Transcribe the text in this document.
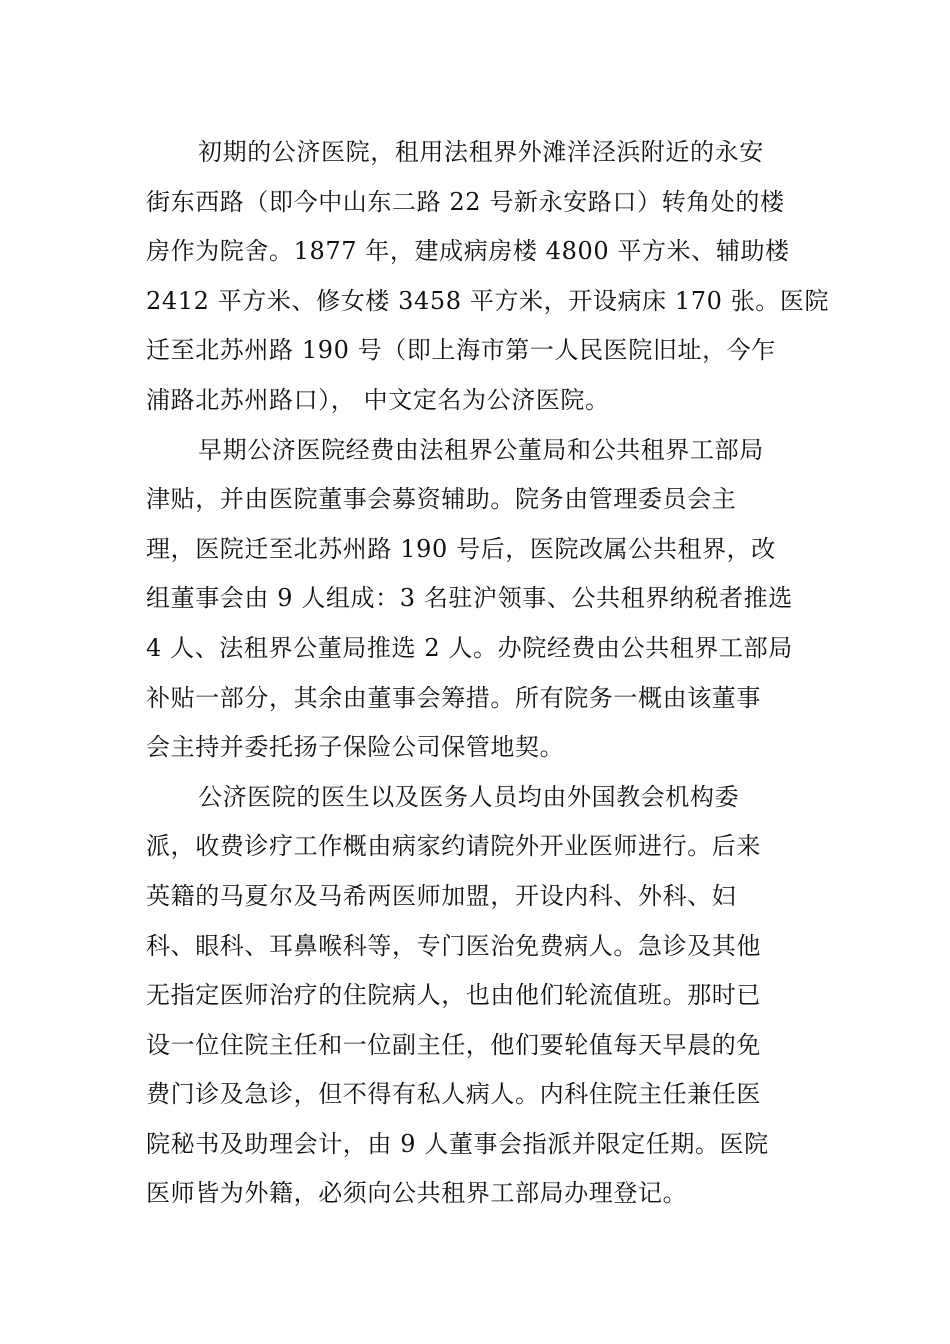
初期的公济医院，租用法租界外滩洋泾浜附近的永安
街东西路（即今中山东二路 22 号新永安路口）转角处的楼
房作为院舍。1877 年，建成病房楼 4800 平方米、辅助楼
2412 平方米、修女楼 3458 平方米，开设病床 170 张。医院
迁至北苏州路 190 号（即上海市第一人民医院旧址，今乍
浦路北苏州路口）， 中文定名为公济医院。
早期公济医院经费由法租界公董局和公共租界工部局
津贴，并由医院董事会募资辅助。院务由管理委员会主
理，医院迁至北苏州路 190 号后，医院改属公共租界，改
组董事会由 9 人组成：3 名驻沪领事、公共租界纳税者推选
4 人、法租界公董局推选 2 人。办院经费由公共租界工部局
补贴一部分，其余由董事会筹措。所有院务一概由该董事
会主持并委托扬子保险公司保管地契。
公济医院的医生以及医务人员均由外国教会机构委
派，收费诊疗工作概由病家约请院外开业医师进行。后来
英籍的马夏尔及马希两医师加盟，开设内科、外科、妇
科、眼科、耳鼻喉科等，专门医治免费病人。急诊及其他
无指定医师治疗的住院病人，也由他们轮流值班。那时已
设一位住院主任和一位副主任，他们要轮值每天早晨的免
费门诊及急诊，但不得有私人病人。内科住院主任兼任医
院秘书及助理会计，由 9 人董事会指派并限定任期。医院
医师皆为外籍，必须向公共租界工部局办理登记。
